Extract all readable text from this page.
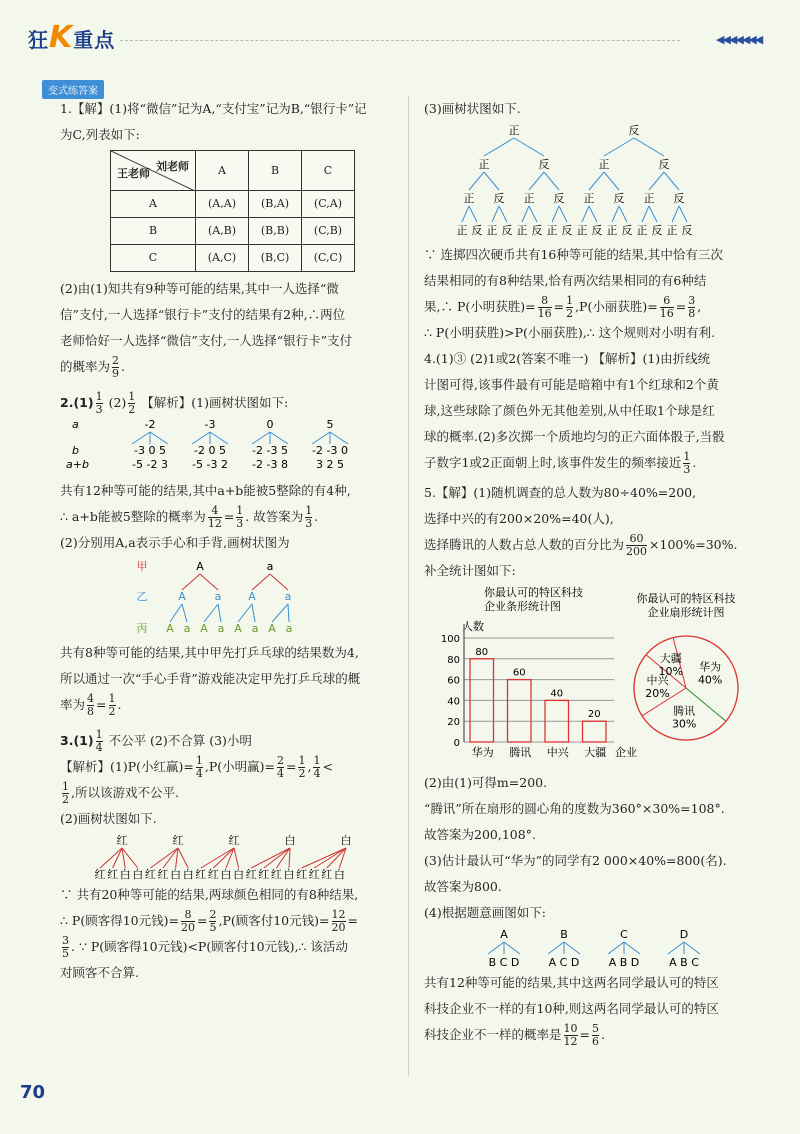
狂K重点	◀◀◀◀◀◀◀
变式练答案
1.【解】(1)将“微信”记为A,“支付宝”记为B,“银行卡”记
为C,列表如下:
刘老师
王老师	A	B	C
A	(A,A)	(B,A)	(C,A)
B	(A,B)	(B,B)	(C,B)
C	(A,C)	(B,C)	(C,C)
(2)由(1)知共有9种等可能的结果,其中一人选择“微
信”支付,一人选择“银行卡”支付的结果有2种,∴两位
老师恰好一人选择“微信”支付,一人选择“银行卡”支付
的概率为 $\frac{2}{9}$ .
$2.(1) \frac{1}{3} (2) \frac{1}{2}$ 【解析】(1)画树状图如下:
a
b
a+b
-2
-3 0 5
-5 -2 3
-3
-2 0 5
-5 -3 2
0
-2 -3 5
-2 -3 8
5
-2 -3 0
3 2 5
共有12种等可能的结果,其中a+b能被5整除的有4种,
∴ a+b能被5整除的概率为 $\frac{4}{12} = \frac{1}{3}$ . 故答案为 $\frac{1}{3}$ .
(2)分别用A,a表示手心和手背,画树状图为
甲
乙
丙
A	a
A	a A	a
A a A a A a A a
共有8种等可能的结果,其中甲先打乒乓球的结果数为4,
所以通过一次“手心手背”游戏能决定甲先打乒乓球的概
率为 $\frac{4}{8} = \frac{1}{2}$ .
$3.(1) \frac{1}{4}$ 不公平 (2)不合算 (3)小明
【解析】(1)P(小红赢)= $\frac{1}{4} ,P$(小明赢)= $\frac{2}{4} = \frac{1}{2}$ , $\frac{1}{4}$ <
$\frac{1}{2}$ ,所以该游戏不公平.
(2)画树状图如下.
红
红 红 白 白
红
红 红 白 白
红
红 红 白 白
白
红 红 红 白
白
红 红 红 白
∵ 共有20种等可能的结果,两球颜色相同的有8种结果,
∴ P(顾客得10元钱)= $\frac{8}{20} = \frac{2}{5} ,P$(顾客付10元钱)= $\frac{12}{20}$ =
$\frac{3}{5}$ . ∵ P(顾客得10元钱)<P(顾客付10元钱),∴ 该活动
对顾客不合算.
(3)画树状图如下.
正	反
正	反	正	反
正 反 正 反 正 反 正 反
正 反 正 反 正 反 正 反 正 反 正 反 正 反 正 反
∵ 连掷四次硬币共有16种等可能的结果,其中恰有三次
结果相同的有8种结果,恰有两次结果相同的有6种结
果,∴ P(小明获胜)= $\frac{8}{16} = \frac{1}{2} ,P$(小丽获胜)= $\frac{6}{16} = \frac{3}{8}$ ,
∴ P(小明获胜)>P(小丽获胜),∴ 这个规则对小明有利.
4.(1)③ (2)1或2(答案不唯一) 【解析】(1)由折线统
计图可得,该事件最有可能是暗箱中有1个红球和2个黄
球,这些球除了颜色外无其他差别,从中任取1个球是红
球的概率.(2)多次掷一个质地均匀的正六面体骰子,当骰
子数字1或2正面朝上时,该事件发生的频率接近 $\frac{1}{3}$ .
5.【解】(1)随机调查的总人数为80÷40%=200,
选择中兴的有200×20%=40(人),
选择腾讯的人数占总人数的百分比为 $\frac{60}{200} \times 100\%=30\%$.
补全统计图如下:
你最认可的特区科技
企业条形统计图
人数
0
20
40
60
80
100
80
华为
60
腾讯
40
中兴
20
大疆 企业
你最认可的特区科技
企业扇形统计图
华为
40%
腾讯
30%
中兴
20%
大疆
10%
(2)由(1)可得m=200.
“腾讯”所在扇形的圆心角的度数为360°×30%=108°.
故答案为200,108°.
(3)估计最认可“华为”的同学有2 000×40%=800(名).
故答案为800.
(4)根据题意画图如下:
A
B C D
B
A C D
C
A B D
D
A B C
共有12种等可能的结果,其中这两名同学最认可的特区
科技企业不一样的有10种,则这两名同学最认可的特区
科技企业不一样的概率是 $\frac{10}{12} = \frac{5}{6}$ .
70
